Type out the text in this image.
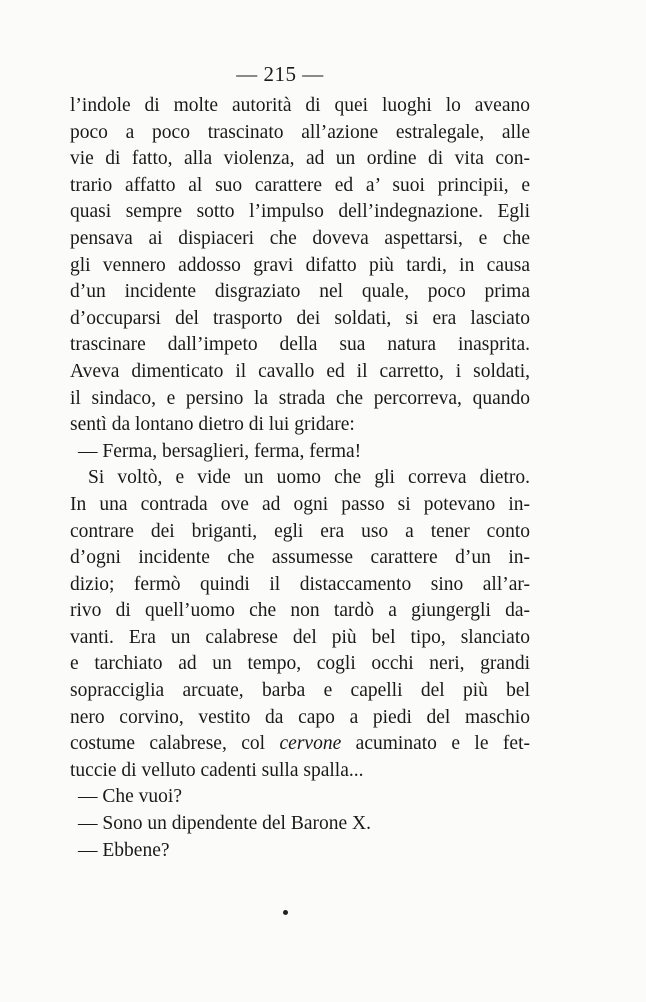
— 215 —
l’indole di molte autorità di quei luoghi lo aveano
poco a poco trascinato all’azione estralegale, alle
vie di fatto, alla violenza, ad un ordine di vita con-
trario affatto al suo carattere ed a’ suoi principii, e
quasi sempre sotto l’impulso dell’indegnazione. Egli
pensava ai dispiaceri che doveva aspettarsi, e che
gli vennero addosso gravi difatto più tardi, in causa
d’un incidente disgraziato nel quale, poco prima
d’occuparsi del trasporto dei soldati, si era lasciato
trascinare dall’impeto della sua natura inasprita.
Aveva dimenticato il cavallo ed il carretto, i soldati,
il sindaco, e persino la strada che percorreva, quando
sentì da lontano dietro di lui gridare:
— Ferma, bersaglieri, ferma, ferma!
Si voltò, e vide un uomo che gli correva dietro.
In una contrada ove ad ogni passo si potevano in-
contrare dei briganti, egli era uso a tener conto
d’ogni incidente che assumesse carattere d’un in-
dizio; fermò quindi il distaccamento sino all’ar-
rivo di quell’uomo che non tardò a giungergli da-
vanti. Era un calabrese del più bel tipo, slanciato
e tarchiato ad un tempo, cogli occhi neri, grandi
sopracciglia arcuate, barba e capelli del più bel
nero corvino, vestito da capo a piedi del maschio
costume calabrese, col cervone acuminato e le fet-
tuccie di velluto cadenti sulla spalla...
— Che vuoi?
— Sono un dipendente del Barone X.
— Ebbene?
